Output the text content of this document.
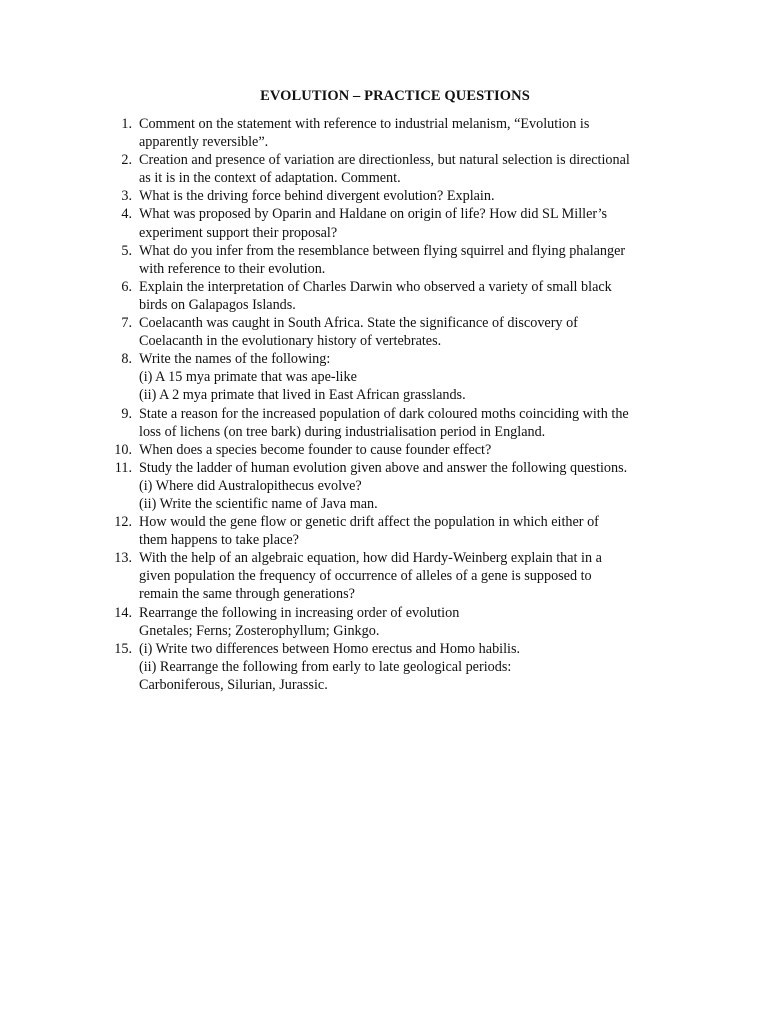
EVOLUTION – PRACTICE QUESTIONS
1. Comment on the statement with reference to industrial melanism, “Evolution is
apparently reversible”.
2. Creation and presence of variation are directionless, but natural selection is directional
as it is in the context of adaptation. Comment.
3. What is the driving force behind divergent evolution? Explain.
4. What was proposed by Oparin and Haldane on origin of life? How did SL Miller’s
experiment support their proposal?
5. What do you infer from the resemblance between flying squirrel and flying phalanger
with reference to their evolution.
6. Explain the interpretation of Charles Darwin who observed a variety of small black
birds on Galapagos Islands.
7. Coelacanth was caught in South Africa. State the significance of discovery of
Coelacanth in the evolutionary history of vertebrates.
8. Write the names of the following:
(i) A 15 mya primate that was ape-like
(ii) A 2 mya primate that lived in East African grasslands.
9. State a reason for the increased population of dark coloured moths coinciding with the
loss of lichens (on tree bark) during industrialisation period in England.
10. When does a species become founder to cause founder effect?
11. Study the ladder of human evolution given above and answer the following questions.
(i) Where did Australopithecus evolve?
(ii) Write the scientific name of Java man.
12. How would the gene flow or genetic drift affect the population in which either of
them happens to take place?
13. With the help of an algebraic equation, how did Hardy-Weinberg explain that in a
given population the frequency of occurrence of alleles of a gene is supposed to
remain the same through generations?
14. Rearrange the following in increasing order of evolution
Gnetales; Ferns; Zosterophyllum; Ginkgo.
15. (i) Write two differences between Homo erectus and Homo habilis.
(ii) Rearrange the following from early to late geological periods:
Carboniferous, Silurian, Jurassic.
